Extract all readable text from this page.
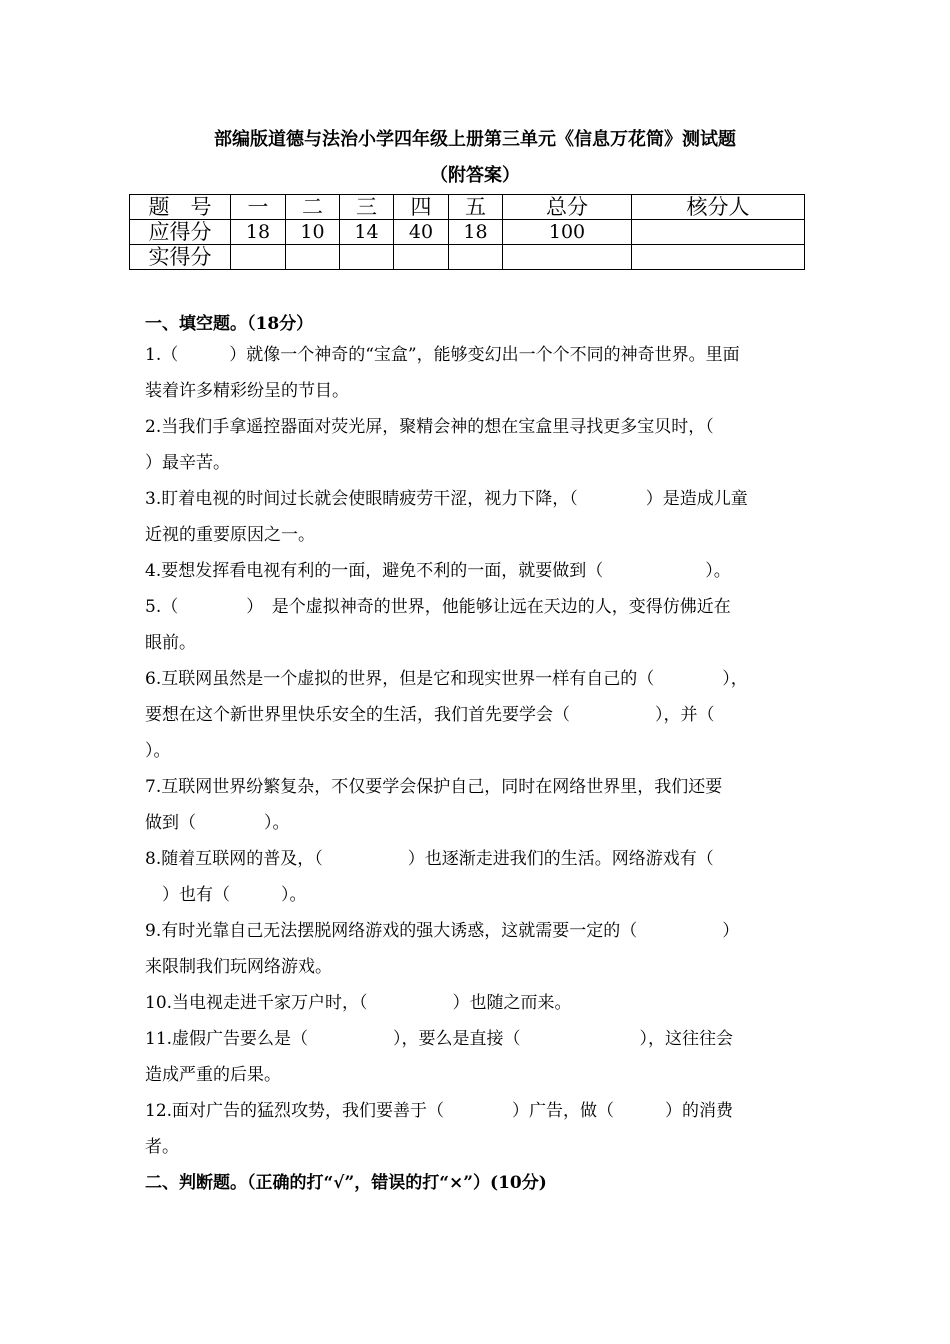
部编版道德与法治小学四年级上册第三单元《信息万花筒》测试题
（附答案）
题　号	一	二	三	四	五	总分	核分人
应得分	18	10	14	40	18	100	
实得分							
一、填空题。（18分）
1.（　　　）就像一个神奇的“宝盒”，能够变幻出一个个不同的神奇世界。里面
装着许多精彩纷呈的节目。
2.当我们手拿遥控器面对荧光屏，聚精会神的想在宝盒里寻找更多宝贝时，（
）最辛苦。
3.盯着电视的时间过长就会使眼睛疲劳干涩，视力下降，（　　　　）是造成儿童
近视的重要原因之一。
4.要想发挥看电视有利的一面，避免不利的一面，就要做到（　　　　　　）。
5.（　　　　）　是个虚拟神奇的世界，他能够让远在天边的人，变得仿佛近在
眼前。
6.互联网虽然是一个虚拟的世界，但是它和现实世界一样有自己的（　　　　），
要想在这个新世界里快乐安全的生活，我们首先要学会（　　　　　），并（
）。
7.互联网世界纷繁复杂，不仅要学会保护自己，同时在网络世界里，我们还要
做到（　　　　）。
8.随着互联网的普及，（　　　　　）也逐渐走进我们的生活。网络游戏有（
　）也有（　　　）。
9.有时光靠自己无法摆脱网络游戏的强大诱惑，这就需要一定的（　　　　　）
来限制我们玩网络游戏。
10.当电视走进千家万户时，（　　　　　）也随之而来。
11.虚假广告要么是（　　　　　），要么是直接（　　　　　　　），这往往会
造成严重的后果。
12.面对广告的猛烈攻势，我们要善于（　　　　）广告，做（　　　）的消费
者。
二、判断题。（正确的打“√”，错误的打“×”）(10分)
